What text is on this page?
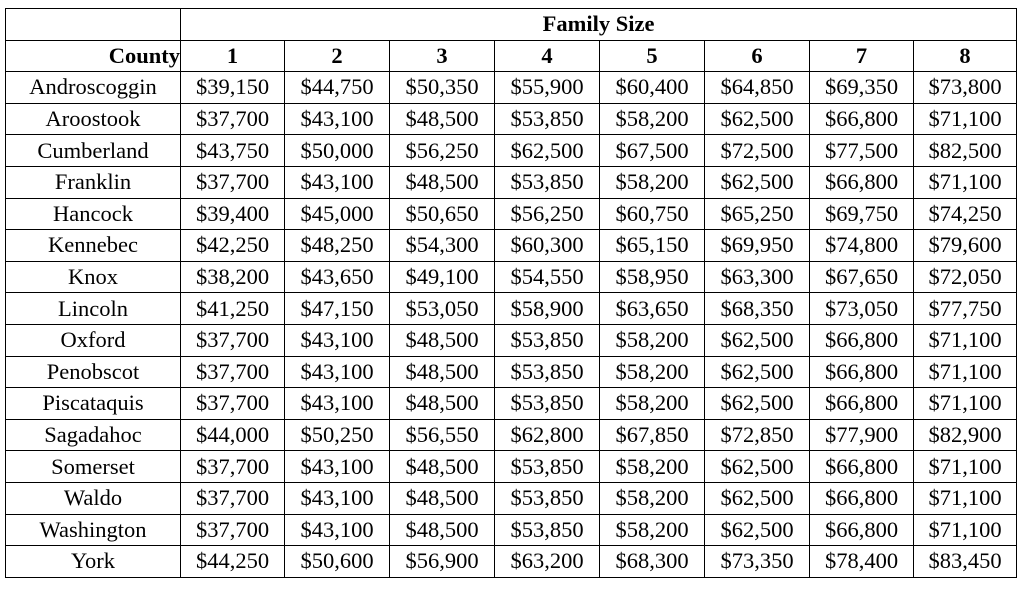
	Family Size							
County	1	2	3	4	5	6	7	8
Androscoggin	$39,150	$44,750	$50,350	$55,900	$60,400	$64,850	$69,350	$73,800
Aroostook	$37,700	$43,100	$48,500	$53,850	$58,200	$62,500	$66,800	$71,100
Cumberland	$43,750	$50,000	$56,250	$62,500	$67,500	$72,500	$77,500	$82,500
Franklin	$37,700	$43,100	$48,500	$53,850	$58,200	$62,500	$66,800	$71,100
Hancock	$39,400	$45,000	$50,650	$56,250	$60,750	$65,250	$69,750	$74,250
Kennebec	$42,250	$48,250	$54,300	$60,300	$65,150	$69,950	$74,800	$79,600
Knox	$38,200	$43,650	$49,100	$54,550	$58,950	$63,300	$67,650	$72,050
Lincoln	$41,250	$47,150	$53,050	$58,900	$63,650	$68,350	$73,050	$77,750
Oxford	$37,700	$43,100	$48,500	$53,850	$58,200	$62,500	$66,800	$71,100
Penobscot	$37,700	$43,100	$48,500	$53,850	$58,200	$62,500	$66,800	$71,100
Piscataquis	$37,700	$43,100	$48,500	$53,850	$58,200	$62,500	$66,800	$71,100
Sagadahoc	$44,000	$50,250	$56,550	$62,800	$67,850	$72,850	$77,900	$82,900
Somerset	$37,700	$43,100	$48,500	$53,850	$58,200	$62,500	$66,800	$71,100
Waldo	$37,700	$43,100	$48,500	$53,850	$58,200	$62,500	$66,800	$71,100
Washington	$37,700	$43,100	$48,500	$53,850	$58,200	$62,500	$66,800	$71,100
York	$44,250	$50,600	$56,900	$63,200	$68,300	$73,350	$78,400	$83,450
